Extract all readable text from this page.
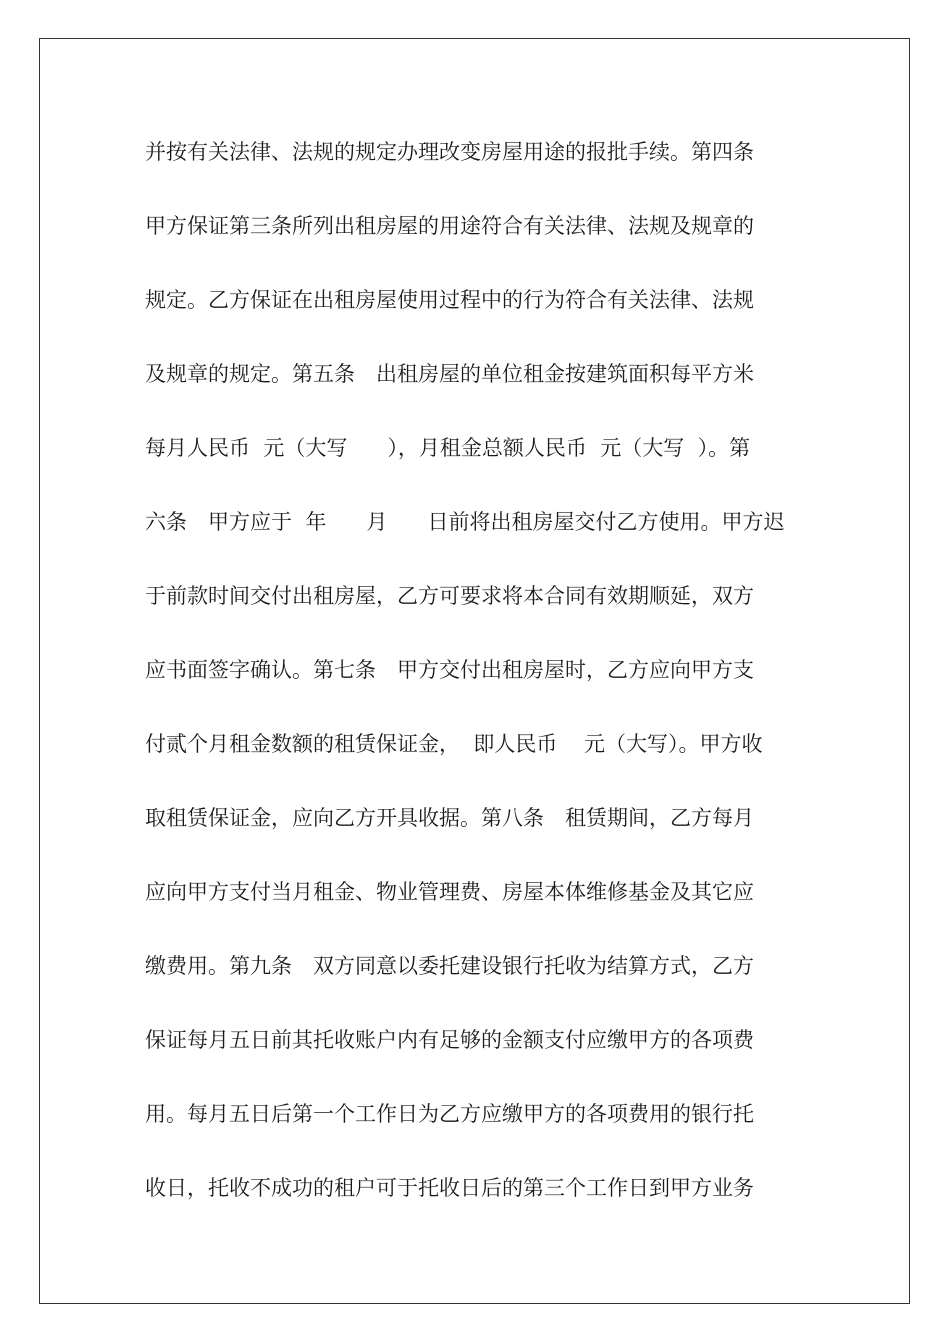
并按有关法律、法规的规定办理改变房屋用途的报批手续。第四条
甲方保证第三条所列出租房屋的用途符合有关法律、法规及规章的
规定。乙方保证在出租房屋使用过程中的行为符合有关法律、法规
及规章的规定。第五条　出租房屋的单位租金按建筑面积每平方米
每月人民币  元（大写      ），月租金总额人民币  元（大写  ）。第
六条　甲方应于  年      月      日前将出租房屋交付乙方使用。甲方迟
于前款时间交付出租房屋，乙方可要求将本合同有效期顺延，双方
应书面签字确认。第七条　甲方交付出租房屋时，乙方应向甲方支
付贰个月租金数额的租赁保证金，  即人民币    元（大写）。甲方收
取租赁保证金，应向乙方开具收据。第八条　租赁期间，乙方每月
应向甲方支付当月租金、物业管理费、房屋本体维修基金及其它应
缴费用。第九条　双方同意以委托建设银行托收为结算方式，乙方
保证每月五日前其托收账户内有足够的金额支付应缴甲方的各项费
用。每月五日后第一个工作日为乙方应缴甲方的各项费用的银行托
收日，托收不成功的租户可于托收日后的第三个工作日到甲方业务
